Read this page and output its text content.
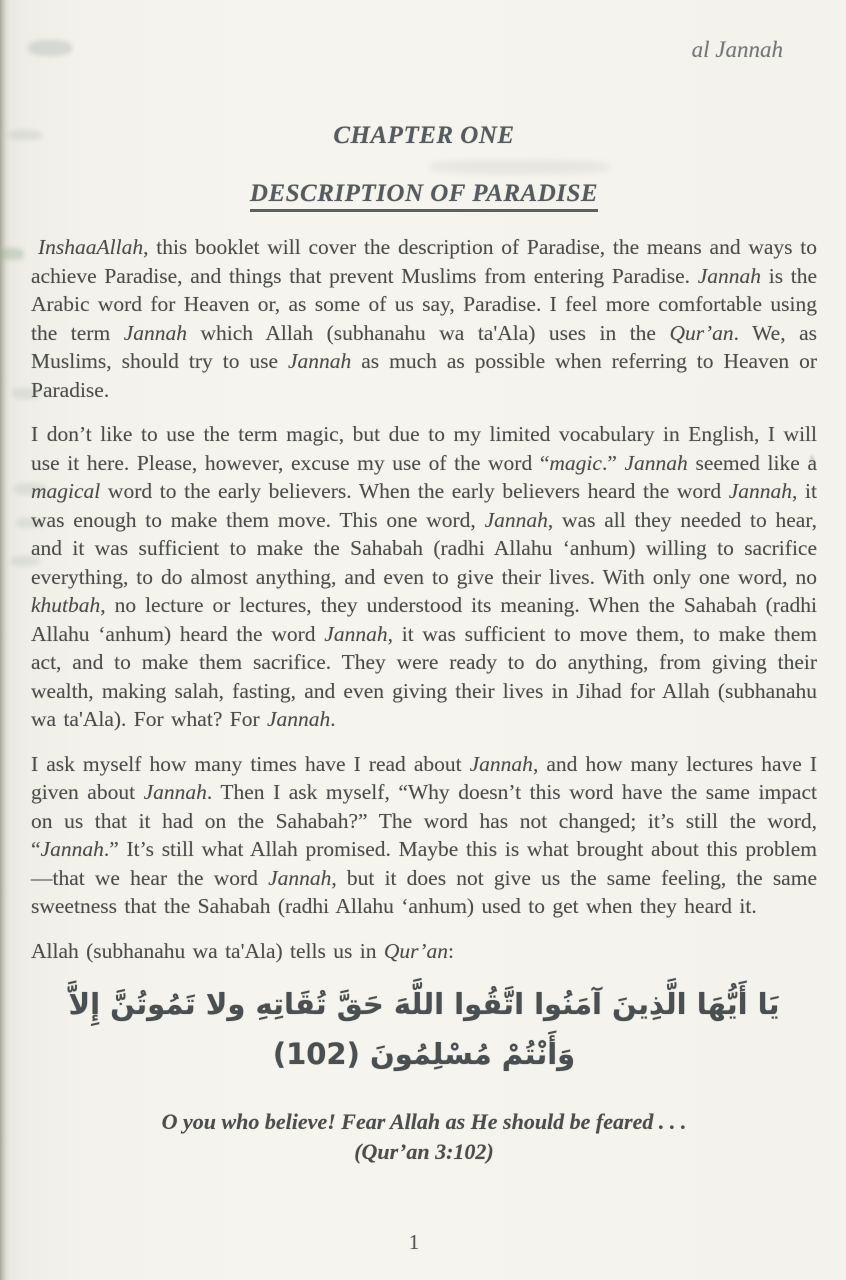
al Jannah
CHAPTER ONE
DESCRIPTION OF PARADISE

InshaaAllah, this booklet will cover the description of Paradise, the means and ways to achieve Paradise, and things that prevent Muslims from entering Paradise. Jannah is the Arabic word for Heaven or, as some of us say, Paradise. I feel more comfortable using the term Jannah which Allah (subhanahu wa ta'Ala) uses in the Qur’an. We, as Muslims, should try to use Jannah as much as possible when referring to Heaven or Paradise.

I don’t like to use the term magic, but due to my limited vocabulary in English, I will use it here. Please, however, excuse my use of the word “magic.” Jannah seemed like a magical word to the early believers. When the early believers heard the word Jannah, it was enough to make them move. This one word, Jannah, was all they needed to hear, and it was sufficient to make the Sahabah (radhi Allahu ‘anhum) willing to sacrifice everything, to do almost anything, and even to give their lives. With only one word, no khutbah, no lecture or lectures, they understood its meaning. When the Sahabah (radhi Allahu ‘anhum) heard the word Jannah, it was sufficient to move them, to make them act, and to make them sacrifice. They were ready to do anything, from giving their wealth, making salah, fasting, and even giving their lives in Jihad for Allah (subhanahu wa ta'Ala). For what? For Jannah.

I ask myself how many times have I read about Jannah, and how many lectures have I given about Jannah. Then I ask myself, “Why doesn’t this word have the same impact on us that it had on the Sahabah?” The word has not changed; it’s still the word, “Jannah.” It’s still what Allah promised. Maybe this is what brought about this problem—that we hear the word Jannah, but it does not give us the same feeling, the same sweetness that the Sahabah (radhi Allahu ‘anhum) used to get when they heard it.

Allah (subhanahu wa ta'Ala) tells us in Qur’an:

يَا أَيُّهَا الَّذِينَ آمَنُوا اتَّقُوا اللَّهَ حَقَّ تُقَاتِهِ ولا تَمُوتُنَّ إِلاَّ وَأَنْتُمْ مُسْلِمُونَ (102)
O you who believe! Fear Allah as He should be feared . . .
(Qur’an 3:102)
1
